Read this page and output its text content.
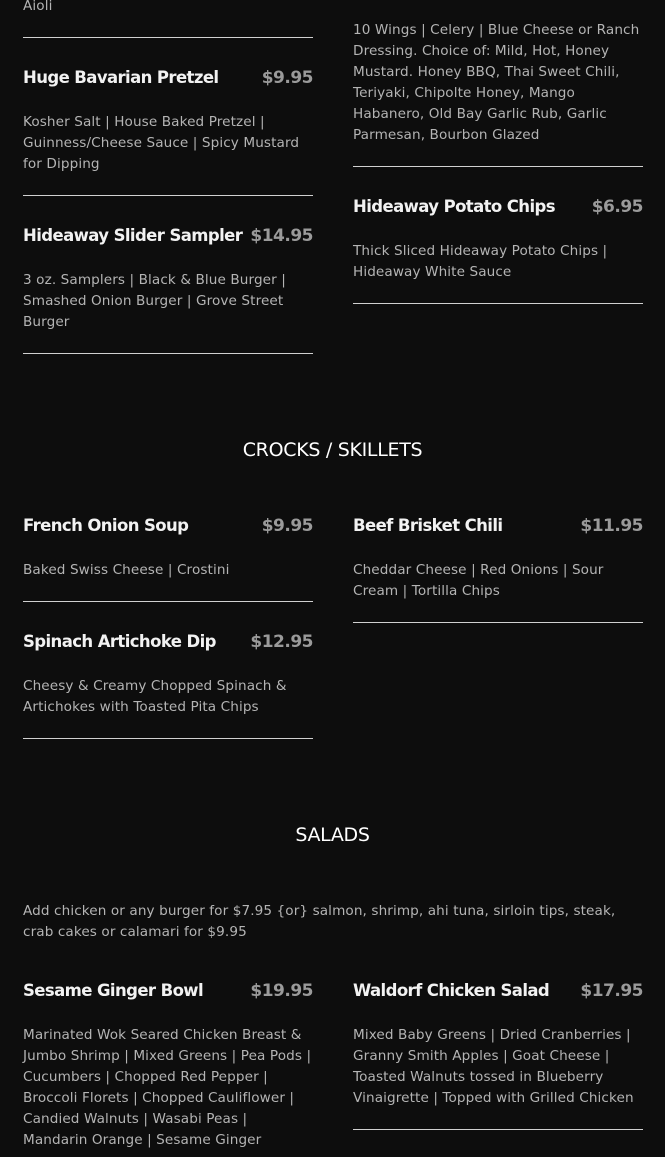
Aioli
10 Wings | Celery | Blue Cheese or Ranch Dressing. Choice of: Mild, Hot, Honey Mustard. Honey BBQ, Thai Sweet Chili, Teriyaki, Chipolte Honey, Mango Habanero, Old Bay Garlic Rub, Garlic Parmesan, Bourbon Glazed
Huge Bavarian Pretzel	$9.95
Kosher Salt | House Baked Pretzel | Guinness/Cheese Sauce | Spicy Mustard for Dipping
Hideaway Potato Chips	$6.95
Thick Sliced Hideaway Potato Chips | Hideaway White Sauce
Hideaway Slider Sampler $14.95
3 oz. Samplers | Black & Blue Burger | Smashed Onion Burger | Grove Street Burger
CROCKS / SKILLETS
French Onion Soup	$9.95
Baked Swiss Cheese | Crostini
Beef Brisket Chili	$11.95
Cheddar Cheese | Red Onions | Sour Cream | Tortilla Chips
Spinach Artichoke Dip	$12.95
Cheesy & Creamy Chopped Spinach & Artichokes with Toasted Pita Chips
SALADS
Add chicken or any burger for $7.95 {or} salmon, shrimp, ahi tuna, sirloin tips, steak, crab cakes or calamari for $9.95
Sesame Ginger Bowl	$19.95
Marinated Wok Seared Chicken Breast & Jumbo Shrimp | Mixed Greens | Pea Pods | Cucumbers | Chopped Red Pepper | Broccoli Florets | Chopped Cauliflower | Candied Walnuts | Wasabi Peas | Mandarin Orange | Sesame Ginger
Waldorf Chicken Salad	$17.95
Mixed Baby Greens | Dried Cranberries | Granny Smith Apples | Goat Cheese | Toasted Walnuts tossed in Blueberry Vinaigrette | Topped with Grilled Chicken
